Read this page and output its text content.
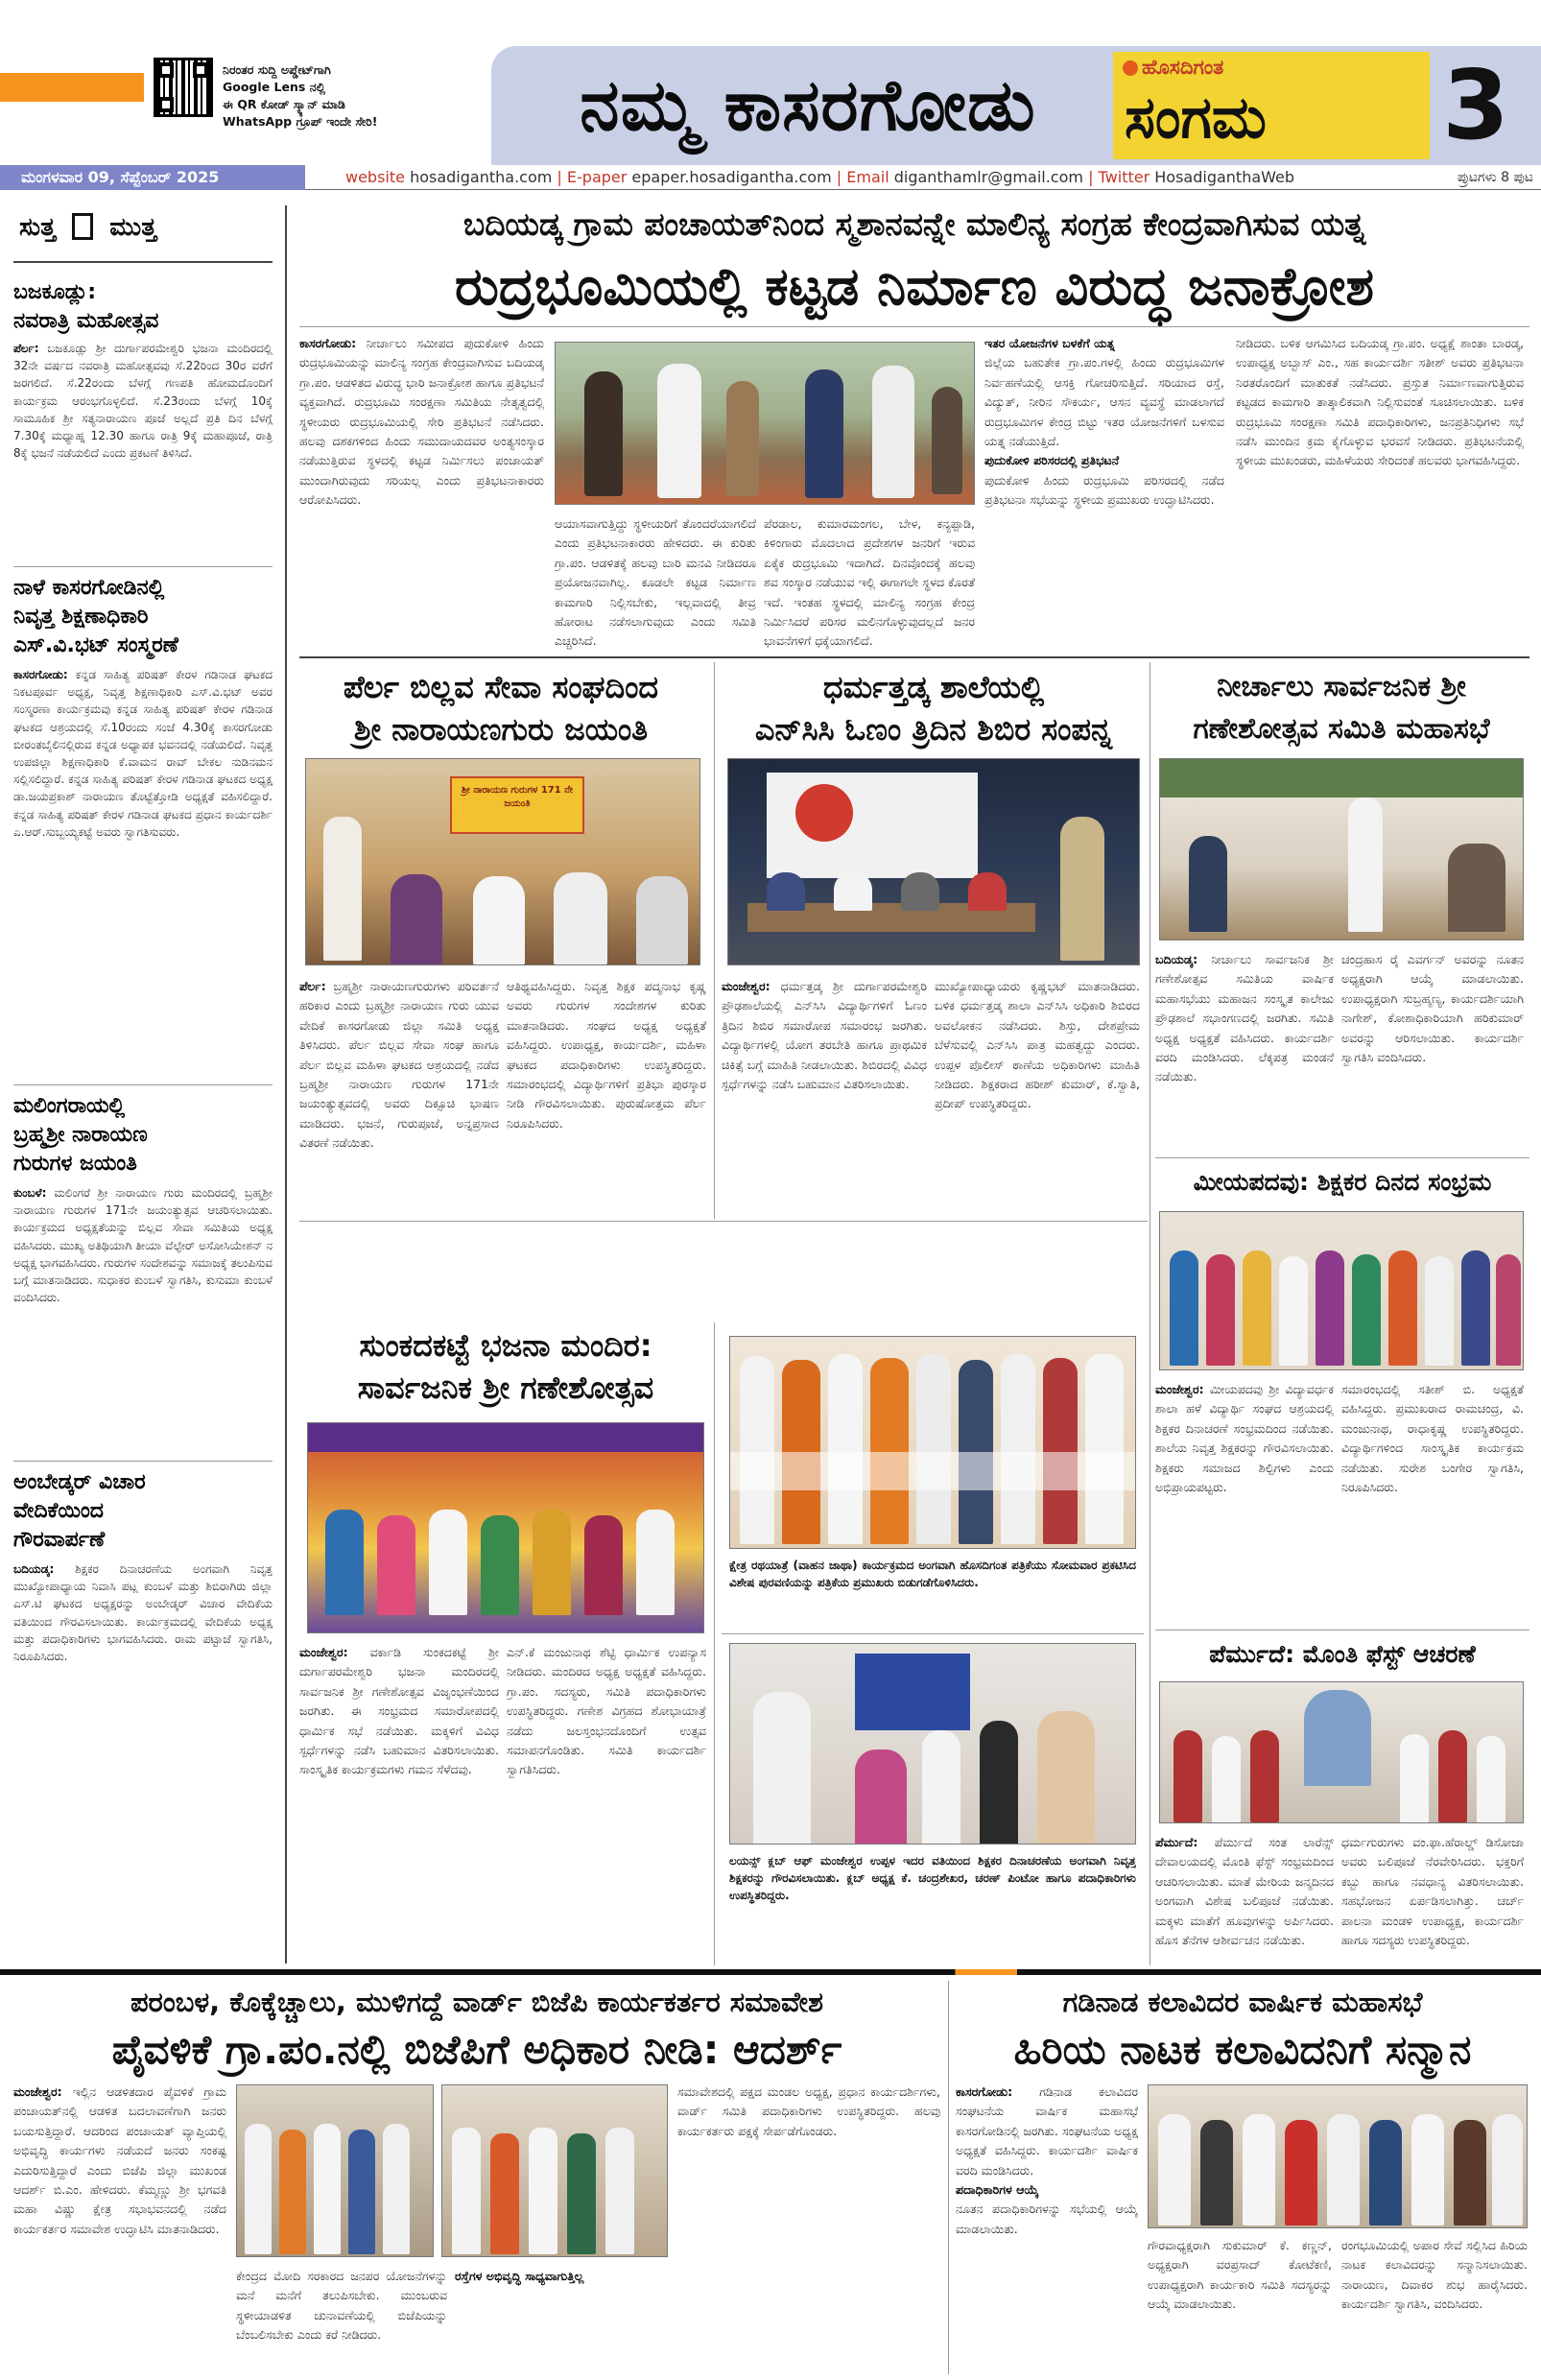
ನಿರಂತರ ಸುದ್ದಿ ಅಪ್ಡೇಟ್‌ಗಾಗಿ
Google Lens ನಲ್ಲಿ
ಈ QR ಕೋಡ್ ಸ್ಕ್ಯಾನ್ ಮಾಡಿ
WhatsApp ಗ್ರೂಪ್ ಇಂದೇ ಸೇರಿ!	ನಮ್ಮ ಕಾಸರಗೋಡು	ಹೊಸದಿಗಂತ
ಸಂಗಮ	3
ಮಂಗಳವಾರ 09, ಸೆಪ್ಟೆಂಬರ್ 2025	website hosadigantha.com | E-paper epaper.hosadigantha.com | Email diganthamlr@gmail.com | Twitter HosadiganthaWeb	ಪ್ರುಟಗಳು 8 ಪುಟ
ಸುತ್ತ ಮುತ್ತ
ಬಜಕೂಡ್ಲು:
ನವರಾತ್ರಿ ಮಹೋತ್ಸವ
ಪೆರ್ಲ: ಬಜಕೂಡ್ಲು ಶ್ರೀ ದುರ್ಗಾಪರಮೇಶ್ವರಿ ಭಜನಾ ಮಂದಿರದಲ್ಲಿ 32ನೇ ವರ್ಷದ ನವರಾತ್ರಿ ಮಹೋತ್ಸವವು ಸೆ.22ರಿಂದ 30ರ ವರೆಗೆ ಜರಗಲಿದೆ. ಸೆ.22ರಂದು ಬೆಳಗ್ಗೆ ಗಣಪತಿ ಹೋಮದೊಂದಿಗೆ ಕಾರ್ಯಕ್ರಮ ಆರಂಭಗೊಳ್ಳಲಿದೆ. ಸೆ.23ರಂದು ಬೆಳಗ್ಗೆ 10ಕ್ಕೆ ಸಾಮೂಹಿಕ ಶ್ರೀ ಸತ್ಯನಾರಾಯಣ ಪೂಜೆ ಅಲ್ಲದೆ ಪ್ರತಿ ದಿನ ಬೆಳಗ್ಗೆ 7.30ಕ್ಕೆ ಮಧ್ಯಾಹ್ನ 12.30 ಹಾಗೂ ರಾತ್ರಿ 9ಕ್ಕೆ ಮಹಾಪೂಜೆ, ರಾತ್ರಿ 8ಕ್ಕೆ ಭಜನೆ ನಡೆಯಲಿದೆ ಎಂದು ಪ್ರಕಟಣೆ ತಿಳಿಸಿದೆ.
ನಾಳೆ ಕಾಸರಗೋಡಿನಲ್ಲಿ
ನಿವೃತ್ತ ಶಿಕ್ಷಣಾಧಿಕಾರಿ
ಎಸ್.ವಿ.ಭಟ್ ಸಂಸ್ಮರಣೆ
ಕಾಸರಗೋಡು: ಕನ್ನಡ ಸಾಹಿತ್ಯ ಪರಿಷತ್ ಕೇರಳ ಗಡಿನಾಡ ಘಟಕದ ನಿಕಟಪೂರ್ವ ಅಧ್ಯಕ್ಷ, ನಿವೃತ್ತ ಶಿಕ್ಷಣಾಧಿಕಾರಿ ಎಸ್.ವಿ.ಭಟ್ ಅವರ ಸಂಸ್ಮರಣಾ ಕಾರ್ಯಕ್ರಮವು ಕನ್ನಡ ಸಾಹಿತ್ಯ ಪರಿಷತ್ ಕೇರಳ ಗಡಿನಾಡ ಘಟಕದ ಆಶ್ರಯದಲ್ಲಿ ಸೆ.10ರಂದು ಸಂಜೆ 4.30ಕ್ಕೆ ಕಾಸರಗೋಡು ಬೀರಂತಬೈಲಿನಲ್ಲಿರುವ ಕನ್ನಡ ಅಧ್ಯಾಪಕ ಭವನದಲ್ಲಿ ನಡೆಯಲಿದೆ. ನಿವೃತ್ತ ಉಪಜಿಲ್ಲಾ ಶಿಕ್ಷಣಾಧಿಕಾರಿ ಕೆ.ವಾಮನ ರಾವ್ ಬೇಕಲ ನುಡಿನಮನ ಸಲ್ಲಿಸಲಿದ್ದಾರೆ. ಕನ್ನಡ ಸಾಹಿತ್ಯ ಪರಿಷತ್ ಕೇರಳ ಗಡಿನಾಡ ಘಟಕದ ಅಧ್ಯಕ್ಷ ಡಾ.ಜಯಪ್ರಕಾಶ್ ನಾರಾಯಣ ತೊಟ್ಟೆತ್ತೋಡಿ ಅಧ್ಯಕ್ಷತೆ ವಹಿಸಲಿದ್ದಾರೆ. ಕನ್ನಡ ಸಾಹಿತ್ಯ ಪರಿಷತ್ ಕೇರಳ ಗಡಿನಾಡ ಘಟಕದ ಪ್ರಧಾನ ಕಾರ್ಯದರ್ಶಿ ಎ.ಆರ್.ಸುಬ್ಬಯ್ಯಕಟ್ಟೆ ಅವರು ಸ್ವಾಗತಿಸುವರು.
ಮಲಿಂಗರಾಯಲ್ಲಿ
ಬ್ರಹ್ಮಶ್ರೀ ನಾರಾಯಣ
ಗುರುಗಳ ಜಯಂತಿ
ಕುಂಬಳೆ: ಮಲಿಂಗರೆ ಶ್ರೀ ನಾರಾಯಣ ಗುರು ಮಂದಿರದಲ್ಲಿ ಬ್ರಹ್ಮಶ್ರೀ ನಾರಾಯಣ ಗುರುಗಳ 171ನೇ ಜಯಂತ್ಯುತ್ಸವ ಆಚರಿಸಲಾಯಿತು. ಕಾರ್ಯಕ್ರಮದ ಅಧ್ಯಕ್ಷತೆಯನ್ನು ಬಿಲ್ಲವ ಸೇವಾ ಸಮಿತಿಯ ಅಧ್ಯಕ್ಷ ವಹಿಸಿದರು. ಮುಖ್ಯ ಅತಿಥಿಯಾಗಿ ತೀಯಾ ವೆಲ್ಫೇರ್ ಅಸೋಸಿಯೇಶನ್ ನ ಅಧ್ಯಕ್ಷ ಭಾಗವಹಿಸಿದರು. ಗುರುಗಳ ಸಂದೇಶವನ್ನು ಸಮಾಜಕ್ಕೆ ತಲುಪಿಸುವ ಬಗ್ಗೆ ಮಾತನಾಡಿದರು. ಸುಧಾಕರ ಕುಂಬಳೆ ಸ್ವಾಗತಿಸಿ, ಕುಸುಮಾ ಕುಂಬಳೆ ವಂದಿಸಿದರು.
ಅಂಬೇಡ್ಕರ್ ವಿಚಾರ
ವೇದಿಕೆಯಿಂದ
ಗೌರವಾರ್ಪಣೆ
ಬದಿಯಡ್ಕ: ಶಿಕ್ಷಕರ ದಿನಾಚರಣೆಯ ಅಂಗವಾಗಿ ನಿವೃತ್ತ ಮುಖ್ಯೋಪಾಧ್ಯಾಯ ನಿವಾಸಿ ಪಟ್ಲ ಕುಂಬಳೆ ಮತ್ತು ಶಿಬಿರಾಗಿರು ಜಿಲ್ಲಾ ಎಸ್.ಟಿ ಘಟಕದ ಅಧ್ಯಕ್ಷರನ್ನು ಅಂಬೇಡ್ಕರ್ ವಿಚಾರ ವೇದಿಕೆಯ ವತಿಯಿಂದ ಗೌರವಿಸಲಾಯಿತು. ಕಾರ್ಯಕ್ರಮದಲ್ಲಿ ವೇದಿಕೆಯ ಅಧ್ಯಕ್ಷ ಮತ್ತು ಪದಾಧಿಕಾರಿಗಳು ಭಾಗವಹಿಸಿದರು. ರಾಮ ಪಟ್ಟಾಜೆ ಸ್ವಾಗತಿಸಿ, ನಿರೂಪಿಸಿದರು.
ಬದಿಯಡ್ಕ ಗ್ರಾಮ ಪಂಚಾಯತ್‌ನಿಂದ ಸ್ಮಶಾನವನ್ನೇ ಮಾಲಿನ್ಯ ಸಂಗ್ರಹ ಕೇಂದ್ರವಾಗಿಸುವ ಯತ್ನ
ರುದ್ರಭೂಮಿಯಲ್ಲಿ ಕಟ್ಟಡ ನಿರ್ಮಾಣ ವಿರುದ್ಧ ಜನಾಕ್ರೋಶ
ಕಾಸರಗೋಡು: ನೀರ್ಚಾಲು ಸಮೀಪದ ಪುದುಕೋಳಿ ಹಿಂದು ರುದ್ರಭೂಮಿಯನ್ನು ಮಾಲಿನ್ಯ ಸಂಗ್ರಹ ಕೇಂದ್ರವಾಗಿಸುವ ಬದಿಯಡ್ಕ ಗ್ರಾ.ಪಂ. ಆಡಳಿತದ ವಿರುದ್ಧ ಭಾರಿ ಜನಾಕ್ರೋಶ ಹಾಗೂ ಪ್ರತಿಭಟನೆ ವ್ಯಕ್ತವಾಗಿದೆ. ರುದ್ರಭೂಮಿ ಸಂರಕ್ಷಣಾ ಸಮಿತಿಯ ನೇತೃತ್ವದಲ್ಲಿ ಸ್ಥಳೀಯರು ರುದ್ರಭೂಮಿಯಲ್ಲಿ ಸೇರಿ ಪ್ರತಿಭಟನೆ ನಡೆಸಿದರು. ಹಲವು ದಶಕಗಳಿಂದ ಹಿಂದು ಸಮುದಾಯದವರ ಅಂತ್ಯಸಂಸ್ಕಾರ ನಡೆಯುತ್ತಿರುವ ಸ್ಥಳದಲ್ಲಿ ಕಟ್ಟಡ ನಿರ್ಮಿಸಲು ಪಂಚಾಯತ್ ಮುಂದಾಗಿರುವುದು ಸರಿಯಲ್ಲ ಎಂದು ಪ್ರತಿಭಟನಾಕಾರರು ಆರೋಪಿಸಿದರು.
ಆಯಾಸವಾಗುತ್ತಿದ್ದು ಸ್ಥಳೀಯರಿಗೆ ತೊಂದರೆಯಾಗಲಿದೆ ಎಂದು ಪ್ರತಿಭಟನಾಕಾರರು ಹೇಳಿದರು. ಈ ಕುರಿತು ಗ್ರಾ.ಪಂ. ಆಡಳಿತಕ್ಕೆ ಹಲವು ಬಾರಿ ಮನವಿ ನೀಡಿದರೂ ಪ್ರಯೋಜನವಾಗಿಲ್ಲ. ಕೂಡಲೇ ಕಟ್ಟಡ ನಿರ್ಮಾಣ ಕಾಮಗಾರಿ ನಿಲ್ಲಿಸಬೇಕು, ಇಲ್ಲವಾದಲ್ಲಿ ತೀವ್ರ ಹೋರಾಟ ನಡೆಸಲಾಗುವುದು ಎಂದು ಸಮಿತಿ ಎಚ್ಚರಿಸಿದೆ.
ಪೆರಡಾಲ, ಕುಮಾರಮಂಗಲ, ಬೇಳ, ಕನ್ಯಪ್ಪಾಡಿ, ಕಿಳಿಂಗಾರು ಮೊದಲಾದ ಪ್ರದೇಶಗಳ ಜನರಿಗೆ ಇರುವ ಏಕೈಕ ರುದ್ರಭೂಮಿ ಇದಾಗಿದೆ. ದಿನವೊಂದಕ್ಕೆ ಹಲವು ಶವ ಸಂಸ್ಕಾರ ನಡೆಯುವ ಇಲ್ಲಿ ಈಗಾಗಲೇ ಸ್ಥಳದ ಕೊರತೆ ಇದೆ. ಇಂತಹ ಸ್ಥಳದಲ್ಲಿ ಮಾಲಿನ್ಯ ಸಂಗ್ರಹ ಕೇಂದ್ರ ನಿರ್ಮಿಸಿದರೆ ಪರಿಸರ ಮಲಿನಗೊಳ್ಳುವುದಲ್ಲದೆ ಜನರ ಭಾವನೆಗಳಿಗೆ ಧಕ್ಕೆಯಾಗಲಿದೆ.
ಇತರ ಯೋಜನೆಗಳ ಬಳಕೆಗೆ ಯತ್ನ
ಜಿಲ್ಲೆಯ ಬಹುತೇಕ ಗ್ರಾ.ಪಂ.ಗಳಲ್ಲಿ ಹಿಂದು ರುದ್ರಭೂಮಿಗಳ ನಿರ್ವಹಣೆಯಲ್ಲಿ ಆಸಕ್ತಿ ಗೋಚರಿಸುತ್ತಿದೆ. ಸರಿಯಾದ ರಸ್ತೆ, ವಿದ್ಯುತ್, ನೀರಿನ ಸೌಕರ್ಯ, ಆಸನ ವ್ಯವಸ್ಥೆ ಮಾಡಲಾಗದೆ ರುದ್ರಭೂಮಿಗಳ ಕೇಂದ್ರ ಬಿಟ್ಟು ಇತರ ಯೋಜನೆಗಳಿಗೆ ಬಳಸುವ ಯತ್ನ ನಡೆಯುತ್ತಿದೆ.
ಪುದುಕೋಳಿ ಪರಿಸರದಲ್ಲಿ ಪ್ರತಿಭಟನೆ
ಪುದುಕೋಳಿ ಹಿಂದು ರುದ್ರಭೂಮಿ ಪರಿಸರದಲ್ಲಿ ನಡೆದ ಪ್ರತಿಭಟನಾ ಸಭೆಯನ್ನು ಸ್ಥಳೀಯ ಪ್ರಮುಖರು ಉದ್ಘಾಟಿಸಿದರು.
ನೀಡಿದರು. ಬಳಿಕ ಆಗಮಿಸಿದ ಬದಿಯಡ್ಕ ಗ್ರಾ.ಪಂ. ಅಧ್ಯಕ್ಷೆ ಶಾಂತಾ ಬಾರಡ್ಕ, ಉಪಾಧ್ಯಕ್ಷ ಅಬ್ಬಾಸ್ ಎಂ., ಸಹ ಕಾರ್ಯದರ್ಶಿ ಸತೀಶ್ ಅವರು ಪ್ರತಿಭಟನಾ ನಿರತರೊಂದಿಗೆ ಮಾತುಕತೆ ನಡೆಸಿದರು. ಪ್ರಸ್ತುತ ನಿರ್ಮಾಣವಾಗುತ್ತಿರುವ ಕಟ್ಟಡದ ಕಾಮಗಾರಿ ತಾತ್ಕಾಲಿಕವಾಗಿ ನಿಲ್ಲಿಸುವಂತೆ ಸೂಚಿಸಲಾಯಿತು. ಬಳಿಕ ರುದ್ರಭೂಮಿ ಸಂರಕ್ಷಣಾ ಸಮಿತಿ ಪದಾಧಿಕಾರಿಗಳು, ಜನಪ್ರತಿನಿಧಿಗಳು ಸಭೆ ನಡೆಸಿ ಮುಂದಿನ ಕ್ರಮ ಕೈಗೊಳ್ಳುವ ಭರವಸೆ ನೀಡಿದರು. ಪ್ರತಿಭಟನೆಯಲ್ಲಿ ಸ್ಥಳೀಯ ಮುಖಂಡರು, ಮಹಿಳೆಯರು ಸೇರಿದಂತೆ ಹಲವರು ಭಾಗವಹಿಸಿದ್ದರು.
ಪೆರ್ಲ ಬಿಲ್ಲವ ಸೇವಾ ಸಂಘದಿಂದ
ಶ್ರೀ ನಾರಾಯಣಗುರು ಜಯಂತಿ
ಶ್ರೀ ನಾರಾಯಣ ಗುರುಗಳ 171 ನೇ ಜಯಂತಿ
ಪೆರ್ಲ: ಬ್ರಹ್ಮಶ್ರೀ ನಾರಾಯಣಗುರುಗಳು ಪರಿವರ್ತನೆ ಹರಿಕಾರ ಎಂದು ಬ್ರಹ್ಮಶ್ರೀ ನಾರಾಯಣ ಗುರು ಯುವ ವೇದಿಕೆ ಕಾಸರಗೋಡು ಜಿಲ್ಲಾ ಸಮಿತಿ ಅಧ್ಯಕ್ಷ ತಿಳಿಸಿದರು. ಪೆರ್ಲ ಬಿಲ್ಲವ ಸೇವಾ ಸಂಘ ಹಾಗೂ ಪೆರ್ಲ ಬಿಲ್ಲವ ಮಹಿಳಾ ಘಟಕದ ಆಶ್ರಯದಲ್ಲಿ ನಡೆದ ಬ್ರಹ್ಮಶ್ರೀ ನಾರಾಯಣ ಗುರುಗಳ 171ನೇ ಜಯಂತ್ಯುತ್ಸವದಲ್ಲಿ ಅವರು ದಿಕ್ಸೂಚಿ ಭಾಷಣ ಮಾಡಿದರು. ಭಜನೆ, ಗುರುಪೂಜೆ, ಅನ್ನಪ್ರಸಾದ ವಿತರಣೆ ನಡೆಯಿತು.
ಆತಿಥ್ಯವಹಿಸಿದ್ದರು. ನಿವೃತ್ತ ಶಿಕ್ಷಕ ಪದ್ಮನಾಭ ಕೃಷ್ಣ ಅವರು ಗುರುಗಳ ಸಂದೇಶಗಳ ಕುರಿತು ಮಾತನಾಡಿದರು. ಸಂಘದ ಅಧ್ಯಕ್ಷ ಅಧ್ಯಕ್ಷತೆ ವಹಿಸಿದ್ದರು. ಉಪಾಧ್ಯಕ್ಷ, ಕಾರ್ಯದರ್ಶಿ, ಮಹಿಳಾ ಘಟಕದ ಪದಾಧಿಕಾರಿಗಳು ಉಪಸ್ಥಿತರಿದ್ದರು. ಸಮಾರಂಭದಲ್ಲಿ ವಿದ್ಯಾರ್ಥಿಗಳಿಗೆ ಪ್ರತಿಭಾ ಪುರಸ್ಕಾರ ನೀಡಿ ಗೌರವಿಸಲಾಯಿತು. ಪುರುಷೋತ್ತಮ ಪೆರ್ಲ ನಿರೂಪಿಸಿದರು.
ಧರ್ಮತ್ತಡ್ಕ ಶಾಲೆಯಲ್ಲಿ
ಎನ್‌ಸಿಸಿ ಓಣಂ ತ್ರಿದಿನ ಶಿಬಿರ ಸಂಪನ್ನ
ಮಂಜೇಶ್ವರ: ಧರ್ಮತ್ತಡ್ಕ ಶ್ರೀ ದುರ್ಗಾಪರಮೇಶ್ವರಿ ಪ್ರೌಢಶಾಲೆಯಲ್ಲಿ ಎನ್‌ಸಿಸಿ ವಿದ್ಯಾರ್ಥಿಗಳಿಗೆ ಓಣಂ ತ್ರಿದಿನ ಶಿಬಿರ ಸಮಾರೋಪ ಸಮಾರಂಭ ಜರಗಿತು. ವಿದ್ಯಾರ್ಥಿಗಳಲ್ಲಿ ಯೋಗ ತರಬೇತಿ ಹಾಗೂ ಪ್ರಾಥಮಿಕ ಚಿಕಿತ್ಸೆ ಬಗ್ಗೆ ಮಾಹಿತಿ ನೀಡಲಾಯಿತು. ಶಿಬಿರದಲ್ಲಿ ವಿವಿಧ ಸ್ಪರ್ಧೆಗಳನ್ನು ನಡೆಸಿ ಬಹುಮಾನ ವಿತರಿಸಲಾಯಿತು.
ಮುಖ್ಯೋಪಾಧ್ಯಾಯರು ಕೃಷ್ಣಭಟ್ ಮಾತನಾಡಿದರು. ಬಳಿಕ ಧರ್ಮತ್ತಡ್ಕ ಶಾಲಾ ಎನ್‌ಸಿಸಿ ಅಧಿಕಾರಿ ಶಿಬಿರದ ಅವಲೋಕನ ನಡೆಸಿದರು. ಶಿಸ್ತು, ದೇಶಪ್ರೇಮ ಬೆಳೆಸುವಲ್ಲಿ ಎನ್‌ಸಿಸಿ ಪಾತ್ರ ಮಹತ್ವದ್ದು ಎಂದರು. ಉಪ್ಪಳ ಪೊಲೀಸ್ ಠಾಣೆಯ ಅಧಿಕಾರಿಗಳು ಮಾಹಿತಿ ನೀಡಿದರು. ಶಿಕ್ಷಕರಾದ ಹರೀಶ್ ಕುಮಾರ್, ಕೆ.ಸ್ವಾತಿ, ಪ್ರದೀಪ್ ಉಪಸ್ಥಿತರಿದ್ದರು.
ನೀರ್ಚಾಲು ಸಾರ್ವಜನಿಕ ಶ್ರೀ
ಗಣೇಶೋತ್ಸವ ಸಮಿತಿ ಮಹಾಸಭೆ
ಬದಿಯಡ್ಕ: ನೀರ್ಚಾಲು ಸಾರ್ವಜನಿಕ ಶ್ರೀ ಗಣೇಶೋತ್ಸವ ಸಮಿತಿಯ ವಾರ್ಷಿಕ ಮಹಾಸಭೆಯು ಮಹಾಜನ ಸಂಸ್ಕೃತ ಕಾಲೇಜು ಪ್ರೌಢಶಾಲೆ ಸಭಾಂಗಣದಲ್ಲಿ ಜರಗಿತು. ಸಮಿತಿ ಅಧ್ಯಕ್ಷ ಅಧ್ಯಕ್ಷತೆ ವಹಿಸಿದರು. ಕಾರ್ಯದರ್ಶಿ ವರದಿ ಮಂಡಿಸಿದರು. ಲೆಕ್ಕಪತ್ರ ಮಂಡನೆ ನಡೆಯಿತು.
ಚಂದ್ರಹಾಸ ರೈ ಎವರ್ಗನ್ ಅವರನ್ನು ನೂತನ ಅಧ್ಯಕ್ಷರಾಗಿ ಆಯ್ಕೆ ಮಾಡಲಾಯಿತು. ಉಪಾಧ್ಯಕ್ಷರಾಗಿ ಸುಬ್ರಹ್ಮಣ್ಯ, ಕಾರ್ಯದರ್ಶಿಯಾಗಿ ನಾಗೇಶ್, ಕೋಶಾಧಿಕಾರಿಯಾಗಿ ಹರಿಕುಮಾರ್ ಅವರನ್ನು ಆರಿಸಲಾಯಿತು. ಕಾರ್ಯದರ್ಶಿ ಸ್ವಾಗತಿಸಿ ವಂದಿಸಿದರು.
ಮೀಯಪದವು: ಶಿಕ್ಷಕರ ದಿನದ ಸಂಭ್ರಮ
ಮಂಜೇಶ್ವರ: ಮೀಯಪದವು ಶ್ರೀ ವಿದ್ಯಾವರ್ಧಕ ಶಾಲಾ ಹಳೆ ವಿದ್ಯಾರ್ಥಿ ಸಂಘದ ಆಶ್ರಯದಲ್ಲಿ ಶಿಕ್ಷಕರ ದಿನಾಚರಣೆ ಸಂಭ್ರಮದಿಂದ ನಡೆಯಿತು. ಶಾಲೆಯ ನಿವೃತ್ತ ಶಿಕ್ಷಕರನ್ನು ಗೌರವಿಸಲಾಯಿತು. ಶಿಕ್ಷಕರು ಸಮಾಜದ ಶಿಲ್ಪಿಗಳು ಎಂದು ಅಭಿಪ್ರಾಯಪಟ್ಟರು.
ಸಮಾರಂಭದಲ್ಲಿ ಸತೀಶ್ ಬಿ. ಅಧ್ಯಕ್ಷತೆ ವಹಿಸಿದ್ದರು. ಪ್ರಮುಖರಾದ ರಾಮಚಂದ್ರ, ವಿ. ಮಂಜುನಾಥ, ರಾಧಾಕೃಷ್ಣ ಉಪಸ್ಥಿತರಿದ್ದರು. ವಿದ್ಯಾರ್ಥಿಗಳಿಂದ ಸಾಂಸ್ಕೃತಿಕ ಕಾರ್ಯಕ್ರಮ ನಡೆಯಿತು. ಸುರೇಶ ಬಂಗೇರ ಸ್ವಾಗತಿಸಿ, ನಿರೂಪಿಸಿದರು.
ಸುಂಕದಕಟ್ಟೆ ಭಜನಾ ಮಂದಿರ:
ಸಾರ್ವಜನಿಕ ಶ್ರೀ ಗಣೇಶೋತ್ಸವ
ಮಂಜೇಶ್ವರ: ವರ್ಕಾಡಿ ಸುಂಕದಕಟ್ಟೆ ಶ್ರೀ ದುರ್ಗಾಪರಮೇಶ್ವರಿ ಭಜನಾ ಮಂದಿರದಲ್ಲಿ ಸಾರ್ವಜನಿಕ ಶ್ರೀ ಗಣೇಶೋತ್ಸವ ವಿಜೃಂಭಣೆಯಿಂದ ಜರಗಿತು. ಈ ಸಂಭ್ರಮದ ಸಮಾರೋಪದಲ್ಲಿ ಧಾರ್ಮಿಕ ಸಭೆ ನಡೆಯಿತು. ಮಕ್ಕಳಿಗೆ ವಿವಿಧ ಸ್ಪರ್ಧೆಗಳನ್ನು ನಡೆಸಿ ಬಹುಮಾನ ವಿತರಿಸಲಾಯಿತು. ಸಾಂಸ್ಕೃತಿಕ ಕಾರ್ಯಕ್ರಮಗಳು ಗಮನ ಸೆಳೆದವು.
ಎನ್.ಕೆ ಮಂಜುನಾಥ ಶೆಟ್ಟಿ ಧಾರ್ಮಿಕ ಉಪನ್ಯಾಸ ನೀಡಿದರು. ಮಂದಿರದ ಅಧ್ಯಕ್ಷ ಅಧ್ಯಕ್ಷತೆ ವಹಿಸಿದ್ದರು. ಗ್ರಾ.ಪಂ. ಸದಸ್ಯರು, ಸಮಿತಿ ಪದಾಧಿಕಾರಿಗಳು ಉಪಸ್ಥಿತರಿದ್ದರು. ಗಣೇಶ ವಿಗ್ರಹದ ಶೋಭಾಯಾತ್ರೆ ನಡೆದು ಜಲಸ್ತಂಭನದೊಂದಿಗೆ ಉತ್ಸವ ಸಮಾಪನಗೊಂಡಿತು. ಸಮಿತಿ ಕಾರ್ಯದರ್ಶಿ ಸ್ವಾಗತಿಸಿದರು.
ಕ್ಷೇತ್ರ ರಥಯಾತ್ರೆ (ವಾಹನ ಜಾಥಾ) ಕಾರ್ಯಕ್ರಮದ ಅಂಗವಾಗಿ ಹೊಸದಿಗಂತ ಪತ್ರಿಕೆಯು ಸೋಮವಾರ ಪ್ರಕಟಿಸಿದ ವಿಶೇಷ ಪುರವಣಿಯನ್ನು ಪತ್ರಿಕೆಯ ಪ್ರಮುಖರು ಬಿಡುಗಡೆಗೊಳಿಸಿದರು.
ಲಯನ್ಸ್ ಕ್ಲಬ್ ಆಫ್ ಮಂಜೇಶ್ವರ ಉಪ್ಪಳ ಇದರ ವತಿಯಿಂದ ಶಿಕ್ಷಕರ ದಿನಾಚರಣೆಯ ಅಂಗವಾಗಿ ನಿವೃತ್ತ ಶಿಕ್ಷಕರನ್ನು ಗೌರವಿಸಲಾಯಿತು. ಕ್ಲಬ್ ಅಧ್ಯಕ್ಷ ಕೆ. ಚಂದ್ರಶೇಖರ, ಚರಣ್ ಪಿಂಟೋ ಹಾಗೂ ಪದಾಧಿಕಾರಿಗಳು ಉಪಸ್ಥಿತರಿದ್ದರು.
ಪೆರ್ಮುದೆ: ಮೊಂತಿ ಫೆಸ್ಟ್ ಆಚರಣೆ
ಪೆರ್ಮುದೆ: ಪೆರ್ಮುದೆ ಸಂತ ಲಾರೆನ್ಸ್ ದೇವಾಲಯದಲ್ಲಿ ಮೊಂತಿ ಫೆಸ್ಟ್ ಸಂಭ್ರಮದಿಂದ ಆಚರಿಸಲಾಯಿತು. ಮಾತೆ ಮೇರಿಯ ಜನ್ಮದಿನದ ಅಂಗವಾಗಿ ವಿಶೇಷ ಬಲಿಪೂಜೆ ನಡೆಯಿತು. ಮಕ್ಕಳು ಮಾತೆಗೆ ಹೂವುಗಳನ್ನು ಅರ್ಪಿಸಿದರು. ಹೊಸ ತೆನೆಗಳ ಆಶೀರ್ವಚನ ನಡೆಯಿತು.
ಧರ್ಮಗುರುಗಳು ವಂ.ಫಾ.ಹೆರಾಲ್ಡ್ ಡಿಸೋಜಾ ಅವರು ಬಲಿಪೂಜೆ ನೆರವೇರಿಸಿದರು. ಭಕ್ತರಿಗೆ ಕಬ್ಬು ಹಾಗೂ ನವಧಾನ್ಯ ವಿತರಿಸಲಾಯಿತು. ಸಹಭೋಜನ ಏರ್ಪಡಿಸಲಾಗಿತ್ತು. ಚರ್ಚ್ ಪಾಲನಾ ಮಂಡಳಿ ಉಪಾಧ್ಯಕ್ಷ, ಕಾರ್ಯದರ್ಶಿ ಹಾಗೂ ಸದಸ್ಯರು ಉಪಸ್ಥಿತರಿದ್ದರು.
ಪರಂಬಳ, ಕೊಕ್ಕೆಚ್ಚಾಲು, ಮುಳಿಗದ್ದೆ ವಾರ್ಡ್ ಬಿಜೆಪಿ ಕಾರ್ಯಕರ್ತರ ಸಮಾವೇಶ
ಪೈವಳಿಕೆ ಗ್ರಾ.ಪಂ.ನಲ್ಲಿ ಬಿಜೆಪಿಗೆ ಅಧಿಕಾರ ನೀಡಿ: ಆದರ್ಶ್
ಮಂಜೇಶ್ವರ: ಇಲ್ಲಿನ ಆಡಳಿತದಾರ ಪೈವಳಿಕೆ ಗ್ರಾಮ ಪಂಚಾಯತ್‌ನಲ್ಲಿ ಆಡಳಿತ ಬದಲಾವಣೆಗಾಗಿ ಜನರು ಬಯಸುತ್ತಿದ್ದಾರೆ. ಆದರಿಂದ ಪಂಚಾಯತ್ ವ್ಯಾಪ್ತಿಯಲ್ಲಿ ಅಭಿವೃದ್ಧಿ ಕಾರ್ಯಗಳು ನಡೆಯದೆ ಜನರು ಸಂಕಷ್ಟ ಎದುರಿಸುತ್ತಿದ್ದಾರೆ ಎಂದು ಬಿಜೆಪಿ ಜಿಲ್ಲಾ ಮುಖಂಡ ಆದರ್ಶ್ ಬಿ.ಎಂ. ಹೇಳಿದರು. ಕೆಮ್ಮಣ್ಣು ಶ್ರೀ ಭಗವತಿ ಮಹಾ ವಿಷ್ಣು ಕ್ಷೇತ್ರ ಸಭಾಭವನದಲ್ಲಿ ನಡೆದ ಕಾರ್ಯಕರ್ತರ ಸಮಾವೇಶ ಉದ್ಘಾಟಿಸಿ ಮಾತನಾಡಿದರು.
ಕೇಂದ್ರದ ಮೋದಿ ಸರಕಾರದ ಜನಪರ ಯೋಜನೆಗಳನ್ನು ಮನೆ ಮನೆಗೆ ತಲುಪಿಸಬೇಕು. ಮುಂಬರುವ ಸ್ಥಳೀಯಾಡಳಿತ ಚುನಾವಣೆಯಲ್ಲಿ ಬಿಜೆಪಿಯನ್ನು ಬೆಂಬಲಿಸಬೇಕು ಎಂದು ಕರೆ ನೀಡಿದರು.
ರಸ್ತೆಗಳ ಅಭಿವೃದ್ಧಿ ಸಾಧ್ಯವಾಗುತ್ತಿಲ್ಲ
ಸಮಾವೇಶದಲ್ಲಿ ಪಕ್ಷದ ಮಂಡಲ ಅಧ್ಯಕ್ಷ, ಪ್ರಧಾನ ಕಾರ್ಯದರ್ಶಿಗಳು, ವಾರ್ಡ್ ಸಮಿತಿ ಪದಾಧಿಕಾರಿಗಳು ಉಪಸ್ಥಿತರಿದ್ದರು. ಹಲವು ಕಾರ್ಯಕರ್ತರು ಪಕ್ಷಕ್ಕೆ ಸೇರ್ಪಡೆಗೊಂಡರು.
ಗಡಿನಾಡ ಕಲಾವಿದರ ವಾರ್ಷಿಕ ಮಹಾಸಭೆ
ಹಿರಿಯ ನಾಟಕ ಕಲಾವಿದನಿಗೆ ಸನ್ಮಾನ
ಕಾಸರಗೋಡು: ಗಡಿನಾಡ ಕಲಾವಿದರ ಸಂಘಟನೆಯ ವಾರ್ಷಿಕ ಮಹಾಸಭೆ ಕಾಸರಗೋಡಿನಲ್ಲಿ ಜರಗಿತು. ಸಂಘಟನೆಯ ಅಧ್ಯಕ್ಷ ಅಧ್ಯಕ್ಷತೆ ವಹಿಸಿದ್ದರು. ಕಾರ್ಯದರ್ಶಿ ವಾರ್ಷಿಕ ವರದಿ ಮಂಡಿಸಿದರು.
ಪದಾಧಿಕಾರಿಗಳ ಆಯ್ಕೆ
ನೂತನ ಪದಾಧಿಕಾರಿಗಳನ್ನು ಸಭೆಯಲ್ಲಿ ಆಯ್ಕೆ ಮಾಡಲಾಯಿತು.
ಗೌರವಾಧ್ಯಕ್ಷರಾಗಿ ಸುಕುಮಾರ್ ಕೆ. ಕಣ್ಣನ್, ಅಧ್ಯಕ್ಷರಾಗಿ ವರಪ್ರಸಾದ್ ಕೋಟೆಕಣಿ, ಉಪಾಧ್ಯಕ್ಷರಾಗಿ ಕಾರ್ಯಕಾರಿ ಸಮಿತಿ ಸದಸ್ಯರನ್ನು ಆಯ್ಕೆ ಮಾಡಲಾಯಿತು.
ರಂಗಭೂಮಿಯಲ್ಲಿ ಅಪಾರ ಸೇವೆ ಸಲ್ಲಿಸಿದ ಹಿರಿಯ ನಾಟಕ ಕಲಾವಿದರನ್ನು ಸನ್ಮಾನಿಸಲಾಯಿತು. ನಾರಾಯಣ, ದಿವಾಕರ ಶುಭ ಹಾರೈಸಿದರು. ಕಾರ್ಯದರ್ಶಿ ಸ್ವಾಗತಿಸಿ, ವಂದಿಸಿದರು.
